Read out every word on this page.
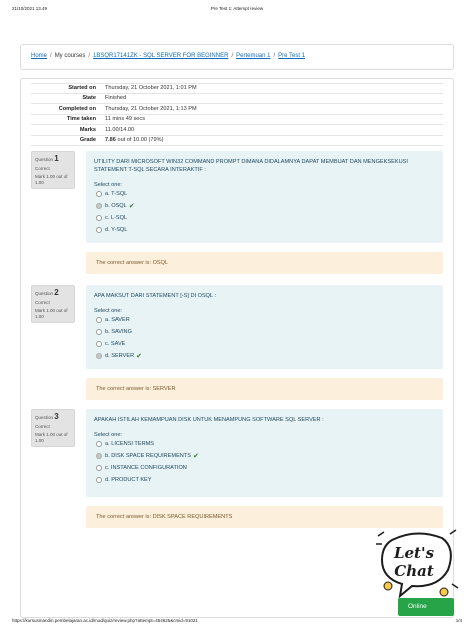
21/10/2021 13.49	Pre Test 1: Attempt review
Home / My courses / 1BSQR17141ZK - SQL SERVER FOR BEGINNER / Pertemuan 1 / Pre Test 1
Started on	Thursday, 21 October 2021, 1:01 PM
State	Finished
Completed on	Thursday, 21 October 2021, 1:13 PM
Time taken	11 mins 49 secs
Marks	11.00/14.00
Grade	7.86 out of 10.00 (79%)
Question 1
Correct
Mark 1.00 out of 1.00
UTILITY DARI MICROSOFT WIN32 COMMAND PROMPT DIMANA DIDALAMNYA DAPAT MEMBUAT DAN MENGEKSEKUSI STATEMENT T-SQL SECARA INTERAKTIF :
Select one:
a. T-SQL
b. OSQL ✔
c. L-SQL
d. Y-SQL
The correct answer is: OSQL
Question 2
Correct
Mark 1.00 out of 1.00
APA MAKSUT DARI STATEMENT [-S] DI OSQL :
Select one:
a. SAVER
b. SAVING
c. SAVE
d. SERVER ✔
The correct answer is: SERVER
Question 3
Correct
Mark 1.00 out of 1.00
APAKAH ISTILAH KEMAMPUAN DISK UNTUK MENAMPUNG SOFTWARE SQL SERVER :
Select one:
a. LICENSI TERMS
b. DISK SPACE REQUIREMENTS ✔
c. INSTANCE CONFIGURATION
d. PRODUCT KEY
The correct answer is: DISK SPACE REQUIREMENTS
Let's
Chat
Online
https://kursusmandiri.pembelajaran.ac.id/mod/quiz/review.php?attempt=454625&cmid=91021	1/4
